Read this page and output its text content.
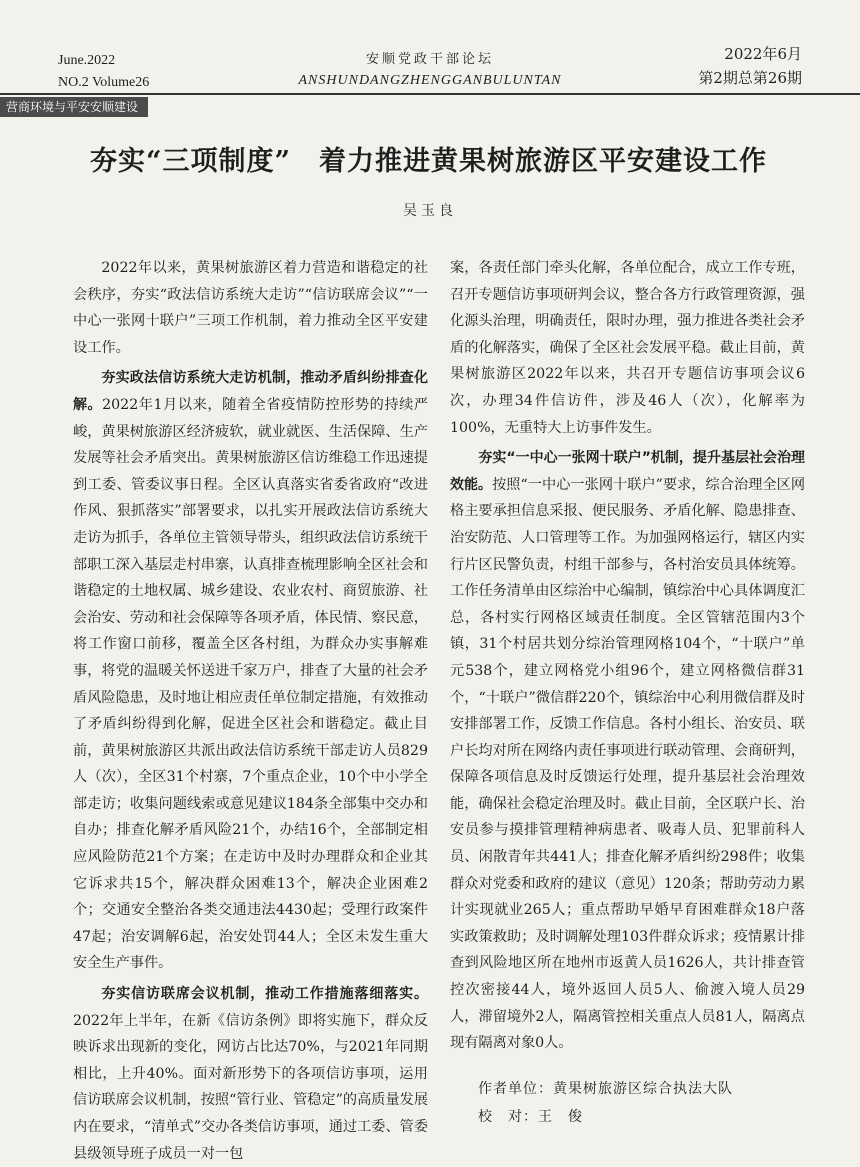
June.2022
NO.2 Volume26
安顺党政干部论坛
ANSHUNDANGZHENGGANBULUNTAN
2022年6月
第2期总第26期
营商环境与平安安顺建设
夯实“三项制度”　着力推进黄果树旅游区平安建设工作
吴玉良

2022年以来，黄果树旅游区着力营造和谐稳定的社会秩序，夯实“政法信访系统大走访”“信访联席会议”“一中心一张网十联户”三项工作机制，着力推动全区平安建设工作。

夯实政法信访系统大走访机制，推动矛盾纠纷排查化解。2022年1月以来，随着全省疫情防控形势的持续严峻，黄果树旅游区经济疲软，就业就医、生活保障、生产发展等社会矛盾突出。黄果树旅游区信访维稳工作迅速提到工委、管委议事日程。全区认真落实省委省政府“改进作风、狠抓落实”部署要求，以扎实开展政法信访系统大走访为抓手，各单位主管领导带头，组织政法信访系统干部职工深入基层走村串寨，认真排查梳理影响全区社会和谐稳定的土地权属、城乡建设、农业农村、商贸旅游、社会治安、劳动和社会保障等各项矛盾，体民情、察民意，将工作窗口前移，覆盖全区各村组，为群众办实事解难事，将党的温暖关怀送进千家万户，排查了大量的社会矛盾风险隐患，及时地让相应责任单位制定措施，有效推动了矛盾纠纷得到化解，促进全区社会和谐稳定。截止目前，黄果树旅游区共派出政法信访系统干部走访人员829人（次），全区31个村寨，7个重点企业，10个中小学全部走访；收集问题线索或意见建议184条全部集中交办和自办；排查化解矛盾风险21个，办结16个，全部制定相应风险防范21个方案；在走访中及时办理群众和企业其它诉求共15个，解决群众困难13个，解决企业困难2个；交通安全整治各类交通违法4430起；受理行政案件47起；治安调解6起，治安处罚44人；全区未发生重大安全生产事件。

夯实信访联席会议机制，推动工作措施落细落实。2022年上半年，在新《信访条例》即将实施下，群众反映诉求出现新的变化，网访占比达70%，与2021年同期相比，上升40%。面对新形势下的各项信访事项，运用信访联席会议机制，按照“管行业、管稳定”的高质量发展内在要求，“清单式”交办各类信访事项，通过工委、管委县级领导班子成员一对一包

案，各责任部门牵头化解，各单位配合，成立工作专班，召开专题信访事项研判会议，整合各方行政管理资源，强化源头治理，明确责任，限时办理，强力推进各类社会矛盾的化解落实，确保了全区社会发展平稳。截止目前，黄果树旅游区2022年以来，共召开专题信访事项会议6次，办理34件信访件，涉及46人（次），化解率为100%，无重特大上访事件发生。

夯实“一中心一张网十联户”机制，提升基层社会治理效能。按照“一中心一张网十联户”要求，综合治理全区网格主要承担信息采报、便民服务、矛盾化解、隐患排查、治安防范、人口管理等工作。为加强网格运行，辖区内实行片区民警负责，村组干部参与，各村治安员具体统筹。工作任务清单由区综治中心编制，镇综治中心具体调度汇总，各村实行网格区域责任制度。全区管辖范围内3个镇，31个村居共划分综治管理网格104个，“十联户”单元538个，建立网格党小组96个，建立网格微信群31个，“十联户”微信群220个，镇综治中心利用微信群及时安排部署工作，反馈工作信息。各村小组长、治安员、联户长均对所在网络内责任事项进行联动管理、会商研判，保障各项信息及时反馈运行处理，提升基层社会治理效能，确保社会稳定治理及时。截止目前，全区联户长、治安员参与摸排管理精神病患者、吸毒人员、犯罪前科人员、闲散青年共441人；排查化解矛盾纠纷298件；收集群众对党委和政府的建议（意见）120条；帮助劳动力累计实现就业265人；重点帮助早婚早育困难群众18户落实政策救助；及时调解处理103件群众诉求；疫情累计排查到风险地区所在地州市返黄人员1626人，共计排查管控次密接44人，境外返回人员5人、偷渡入境人员29人，滞留境外2人，隔离管控相关重点人员81人，隔离点现有隔离对象0人。

作者单位：黄果树旅游区综合执法大队
校　对：王　俊
